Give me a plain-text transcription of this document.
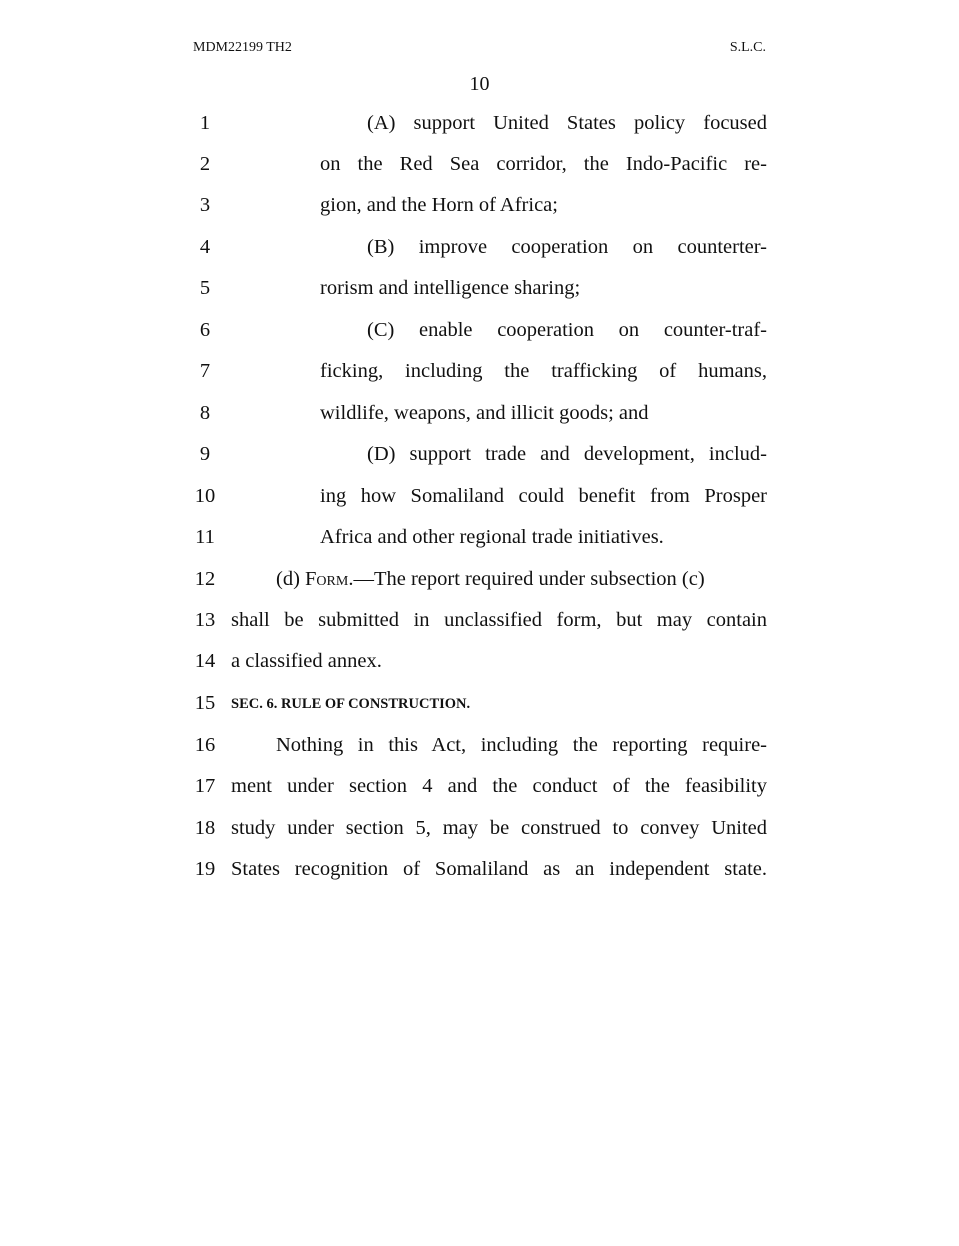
MDM22199 TH2	S.L.C.
10
1	(A) support United States policy focused
2	on the Red Sea corridor, the Indo-Pacific re-
3	gion, and the Horn of Africa;
4	(B) improve cooperation on counterter-
5	rorism and intelligence sharing;
6	(C) enable cooperation on counter-traf-
7	ficking, including the trafficking of humans,
8	wildlife, weapons, and illicit goods; and
9	(D) support trade and development, includ-
10	ing how Somaliland could benefit from Prosper
11	Africa and other regional trade initiatives.
12	(d) Form.—The report required under subsection (c)
13 shall be submitted in unclassified form, but may contain
14 a classified annex.
15	SEC. 6. RULE OF CONSTRUCTION.
16	Nothing in this Act, including the reporting require-
17 ment under section 4 and the conduct of the feasibility
18 study under section 5, may be construed to convey United
19 States recognition of Somaliland as an independent state.
